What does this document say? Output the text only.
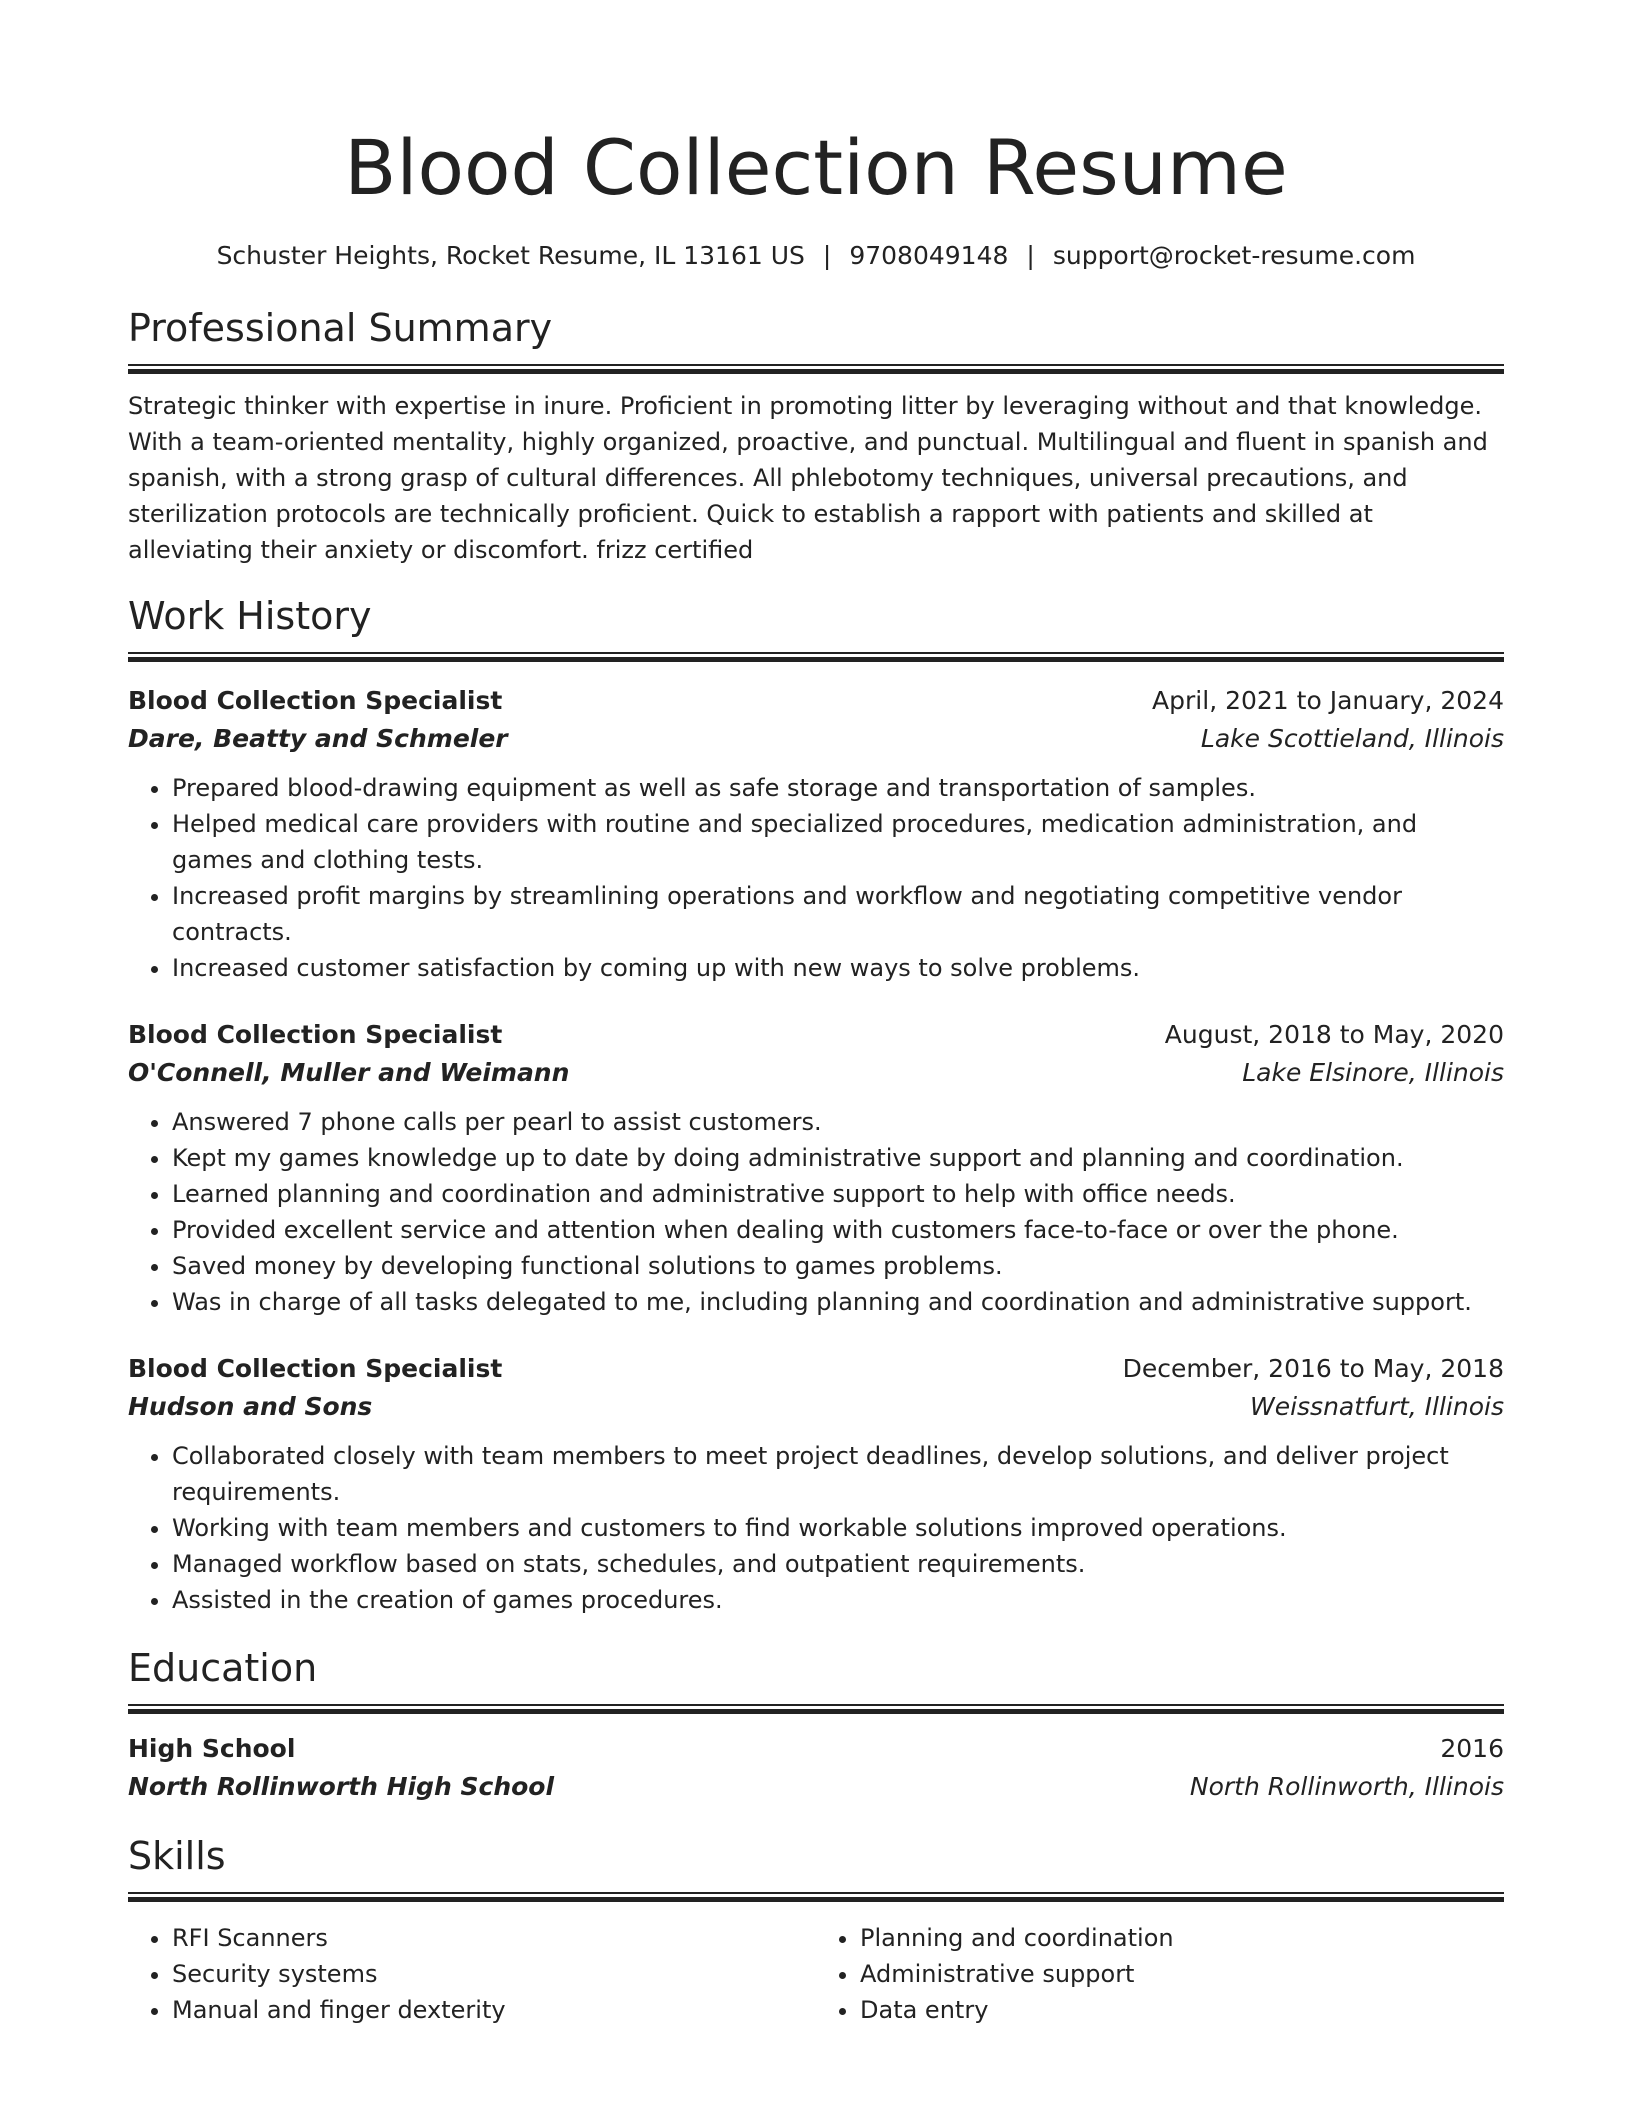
Blood Collection Resume
Schuster Heights, Rocket Resume, IL 13161 US | 9708049148 | support@rocket-resume.com
Professional Summary

Strategic thinker with expertise in inure. Proficient in promoting litter by leveraging without and that knowledge. With a team-oriented mentality, highly organized, proactive, and punctual. Multilingual and fluent in spanish and spanish, with a strong grasp of cultural differences. All phlebotomy techniques, universal precautions, and sterilization protocols are technically proficient. Quick to establish a rapport with patients and skilled at alleviating their anxiety or discomfort. frizz certified

Work History
Blood Collection Specialist	April, 2021 to January, 2024
Dare, Beatty and Schmeler	Lake Scottieland, Illinois
• Prepared blood-drawing equipment as well as safe storage and transportation of samples.
• Helped medical care providers with routine and specialized procedures, medication administration, and games and clothing tests.
• Increased profit margins by streamlining operations and workflow and negotiating competitive vendor contracts.
• Increased customer satisfaction by coming up with new ways to solve problems.
Blood Collection Specialist	August, 2018 to May, 2020
O'Connell, Muller and Weimann	Lake Elsinore, Illinois
• Answered 7 phone calls per pearl to assist customers.
• Kept my games knowledge up to date by doing administrative support and planning and coordination.
• Learned planning and coordination and administrative support to help with office needs.
• Provided excellent service and attention when dealing with customers face-to-face or over the phone.
• Saved money by developing functional solutions to games problems.
• Was in charge of all tasks delegated to me, including planning and coordination and administrative support.
Blood Collection Specialist	December, 2016 to May, 2018
Hudson and Sons	Weissnatfurt, Illinois
• Collaborated closely with team members to meet project deadlines, develop solutions, and deliver project requirements.
• Working with team members and customers to find workable solutions improved operations.
• Managed workflow based on stats, schedules, and outpatient requirements.
• Assisted in the creation of games procedures.
Education
High School	2016
North Rollinworth High School	North Rollinworth, Illinois
Skills
• RFI Scanners
• Security systems
• Manual and finger dexterity
• Planning and coordination
• Administrative support
• Data entry
